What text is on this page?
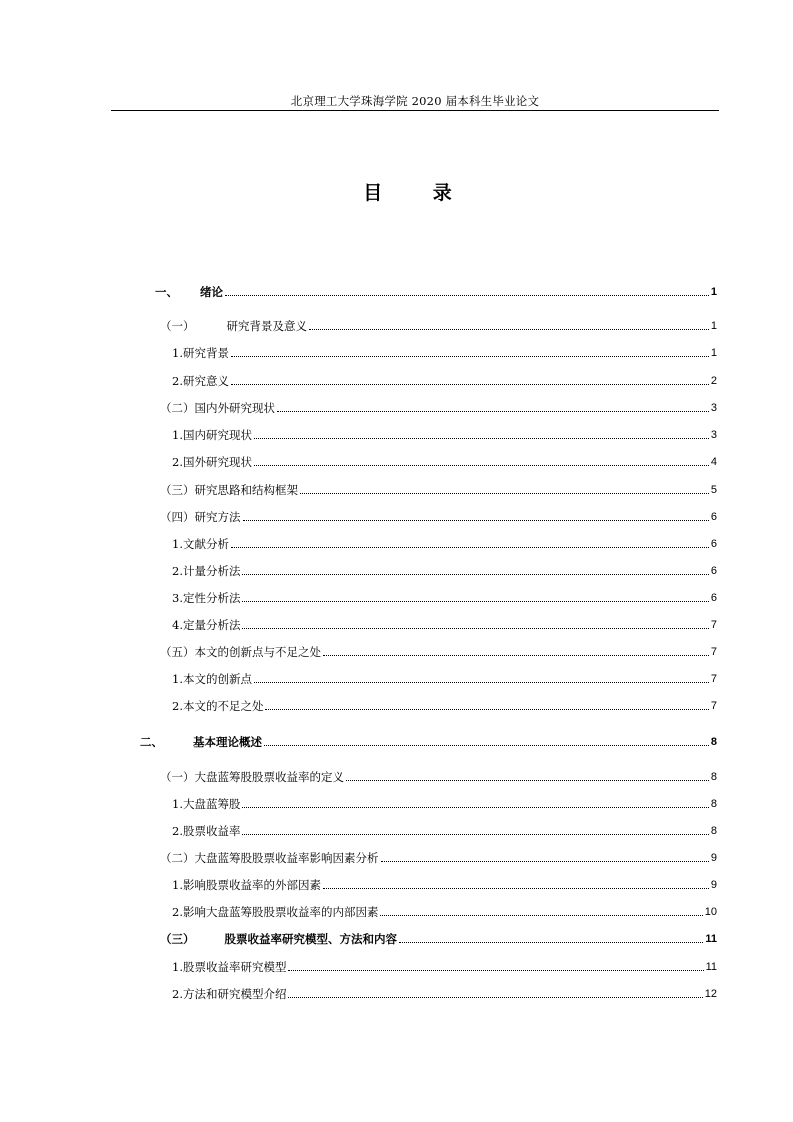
北京理工大学珠海学院 2020 届本科生毕业论文
目 录
一、 绪论	1
（一）	研究背景及意义	1
1. 研究背景	1
2. 研究意义	2
（二） 国内外研究现状	3
1. 国内研究现状	3
2. 国外研究现状	4
（三） 研究思路和结构框架	5
（四） 研究方法	6
1. 文献分析	6
2. 计量分析法	6
3. 定性分析法	6
4. 定量分析法	7
（五） 本文的创新点与不足之处	7
1. 本文的创新点	7
2. 本文的不足之处	7
二、	基本理论概述	8
（一） 大盘蓝筹股股票收益率的定义	8
1. 大盘蓝筹股	8
2. 股票收益率	8
（二） 大盘蓝筹股股票收益率影响因素分析	9
1. 影响股票收益率的外部因素	9
2. 影响大盘蓝筹股股票收益率的内部因素	10
（三）	股票收益率研究模型、方法和内容	11
1. 股票收益率研究模型	11
2. 方法和研究模型介绍	12
